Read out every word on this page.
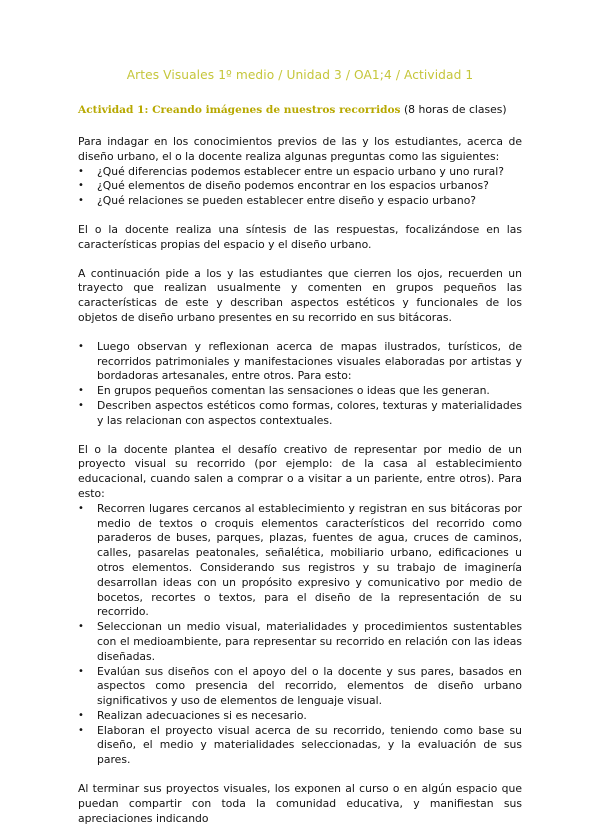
Artes Visuales 1º medio / Unidad 3 / OA1;4 / Actividad 1

Actividad 1: Creando imágenes de nuestros recorridos (8 horas de clases)

Para indagar en los conocimientos previos de las y los estudiantes, acerca de diseño urbano, el o la docente realiza algunas preguntas como las siguientes:

•	¿Qué diferencias podemos establecer entre un espacio urbano y uno rural?
•	¿Qué elementos de diseño podemos encontrar en los espacios urbanos?
•	¿Qué relaciones se pueden establecer entre diseño y espacio urbano?

El o la docente realiza una síntesis de las respuestas, focalizándose en las características propias del espacio y el diseño urbano.

A continuación pide a los y las estudiantes que cierren los ojos, recuerden un trayecto que realizan usualmente y comenten en grupos pequeños las características de este y describan aspectos estéticos y funcionales de los objetos de diseño urbano presentes en su recorrido en sus bitácoras.

•	Luego observan y reflexionan acerca de mapas ilustrados, turísticos, de recorridos patrimoniales y manifestaciones visuales elaboradas por artistas y bordadoras artesanales, entre otros. Para esto:
•	En grupos pequeños comentan las sensaciones o ideas que les generan.
•	Describen aspectos estéticos como formas, colores, texturas y materialidades y las relacionan con aspectos contextuales.

El o la docente plantea el desafío creativo de representar por medio de un proyecto visual su recorrido (por ejemplo: de la casa al establecimiento educacional, cuando salen a comprar o a visitar a un pariente, entre otros). Para esto:

•	Recorren lugares cercanos al establecimiento y registran en sus bitácoras por medio de textos o croquis elementos característicos del recorrido como paraderos de buses, parques, plazas, fuentes de agua, cruces de caminos, calles, pasarelas peatonales, señalética, mobiliario urbano, edificaciones u otros elementos. Considerando sus registros y su trabajo de imaginería desarrollan ideas con un propósito expresivo y comunicativo por medio de bocetos, recortes o textos, para el diseño de la representación de su recorrido.
•	Seleccionan un medio visual, materialidades y procedimientos sustentables con el medioambiente, para representar su recorrido en relación con las ideas diseñadas.
•	Evalúan sus diseños con el apoyo del o la docente y sus pares, basados en aspectos como presencia del recorrido, elementos de diseño urbano significativos y uso de elementos de lenguaje visual.
•	Realizan adecuaciones si es necesario.
•	Elaboran el proyecto visual acerca de su recorrido, teniendo como base su diseño, el medio y materialidades seleccionadas, y la evaluación de sus pares.

Al terminar sus proyectos visuales, los exponen al curso o en algún espacio que puedan compartir con toda la comunidad educativa, y manifiestan sus apreciaciones indicando
